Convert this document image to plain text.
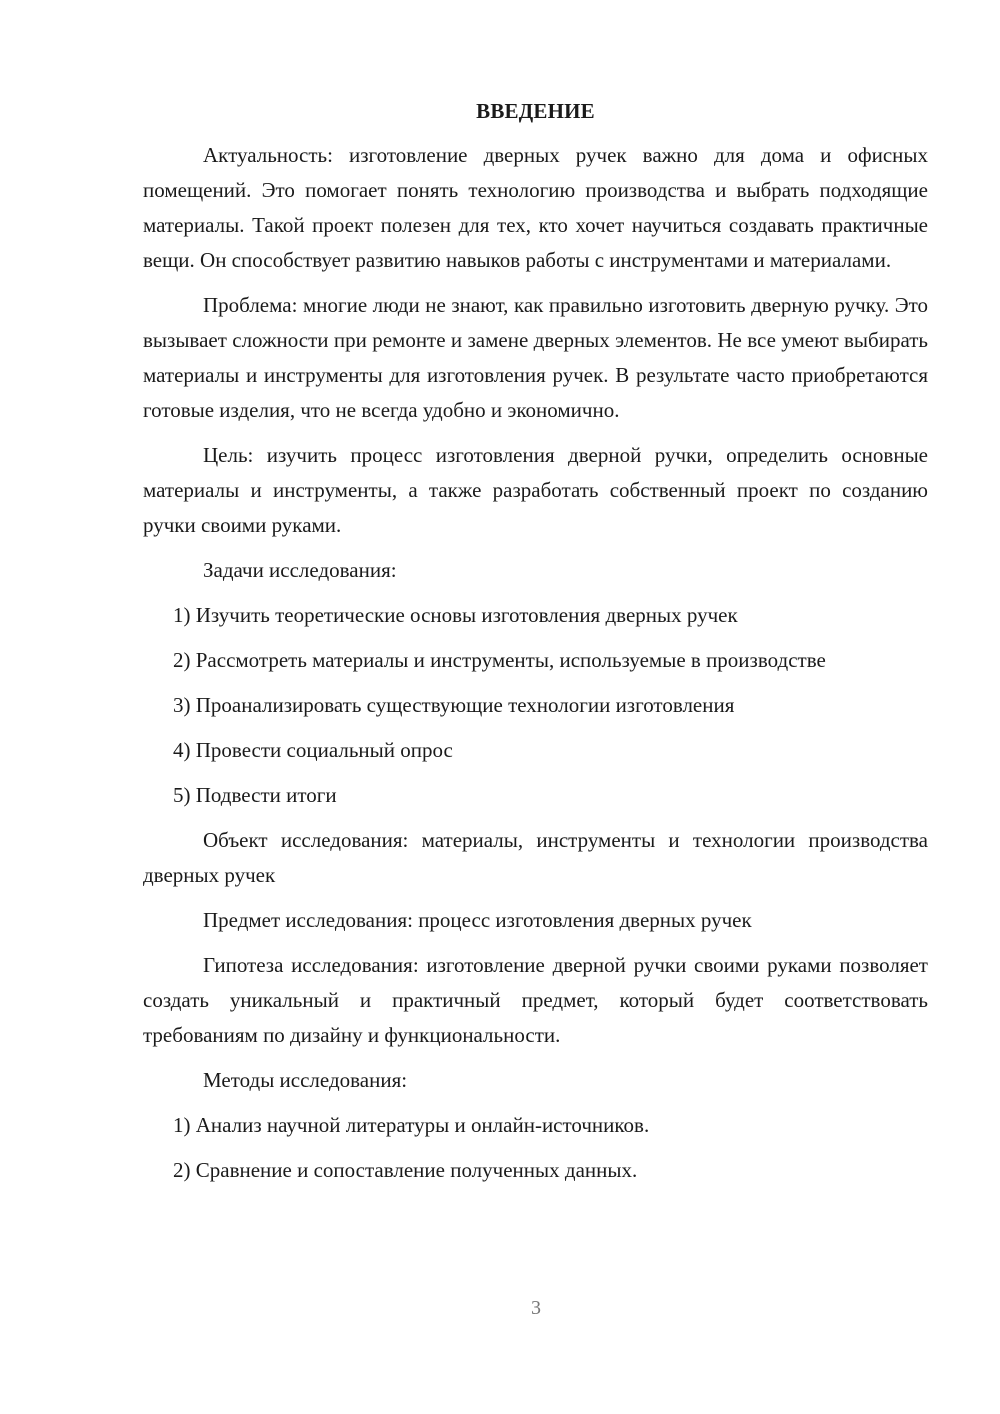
ВВЕДЕНИЕ

Актуальность: изготовление дверных ручек важно для дома и офисных помещений. Это помогает понять технологию производства и выбрать подходящие материалы. Такой проект полезен для тех, кто хочет научиться создавать практичные вещи. Он способствует развитию навыков работы с инструментами и материалами.

Проблема: многие люди не знают, как правильно изготовить дверную ручку. Это вызывает сложности при ремонте и замене дверных элементов. Не все умеют выбирать материалы и инструменты для изготовления ручек. В результате часто приобретаются готовые изделия, что не всегда удобно и экономично.

Цель: изучить процесс изготовления дверной ручки, определить основные материалы и инструменты, а также разработать собственный проект по созданию ручки своими руками.

Задачи исследования:

1) Изучить теоретические основы изготовления дверных ручек

2) Рассмотреть материалы и инструменты, используемые в производстве

3) Проанализировать существующие технологии изготовления

4) Провести социальный опрос

5) Подвести итоги

Объект исследования: материалы, инструменты и технологии производства дверных ручек

Предмет исследования: процесс изготовления дверных ручек

Гипотеза исследования: изготовление дверной ручки своими руками позволяет создать уникальный и практичный предмет, который будет соответствовать требованиям по дизайну и функциональности.

Методы исследования:

1) Анализ научной литературы и онлайн-источников.

2) Сравнение и сопоставление полученных данных.

3
